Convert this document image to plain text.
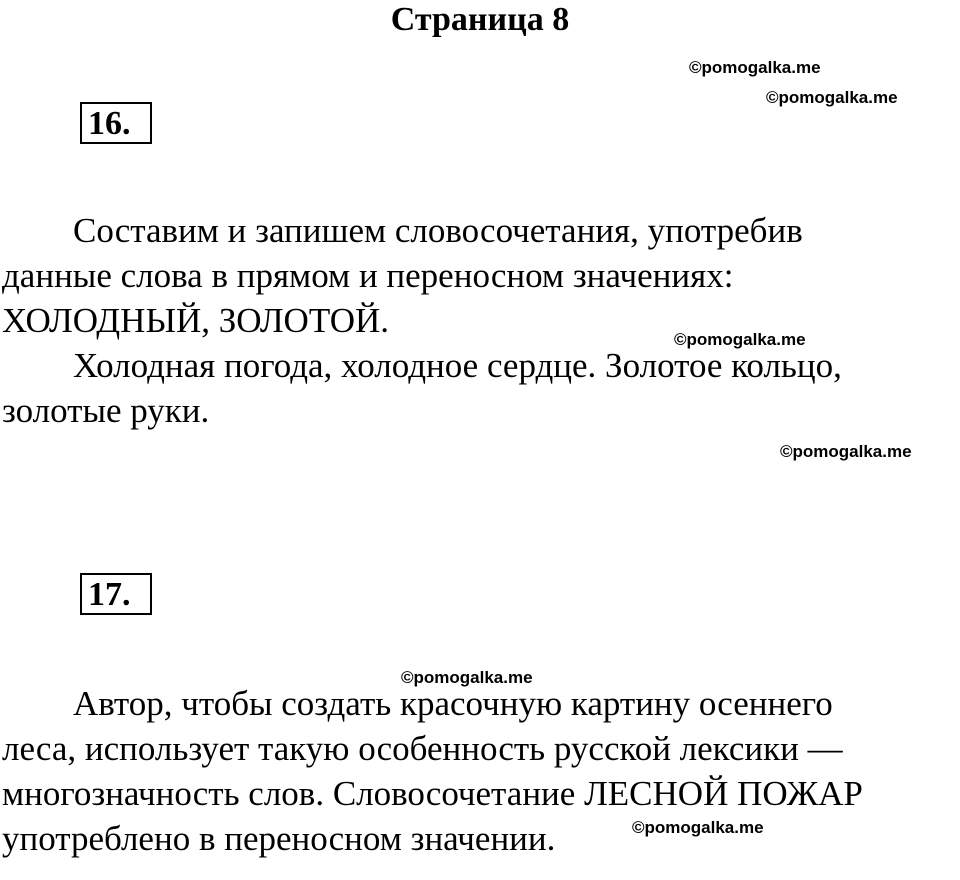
Страница 8
©pomogalka.me
©pomogalka.me
©pomogalka.me
©pomogalka.me
©pomogalka.me
©pomogalka.me
16.
Составим и запишем словосочетания, употребив
данные слова в прямом и переносном значениях:
ХОЛОДНЫЙ, ЗОЛОТОЙ.
Холодная погода, холодное сердце. Золотое кольцо,
золотые руки.
17.
Автор, чтобы создать красочную картину осеннего
леса, использует такую особенность русской лексики —
многозначность слов. Словосочетание ЛЕСНОЙ ПОЖАР
употреблено в переносном значении.
